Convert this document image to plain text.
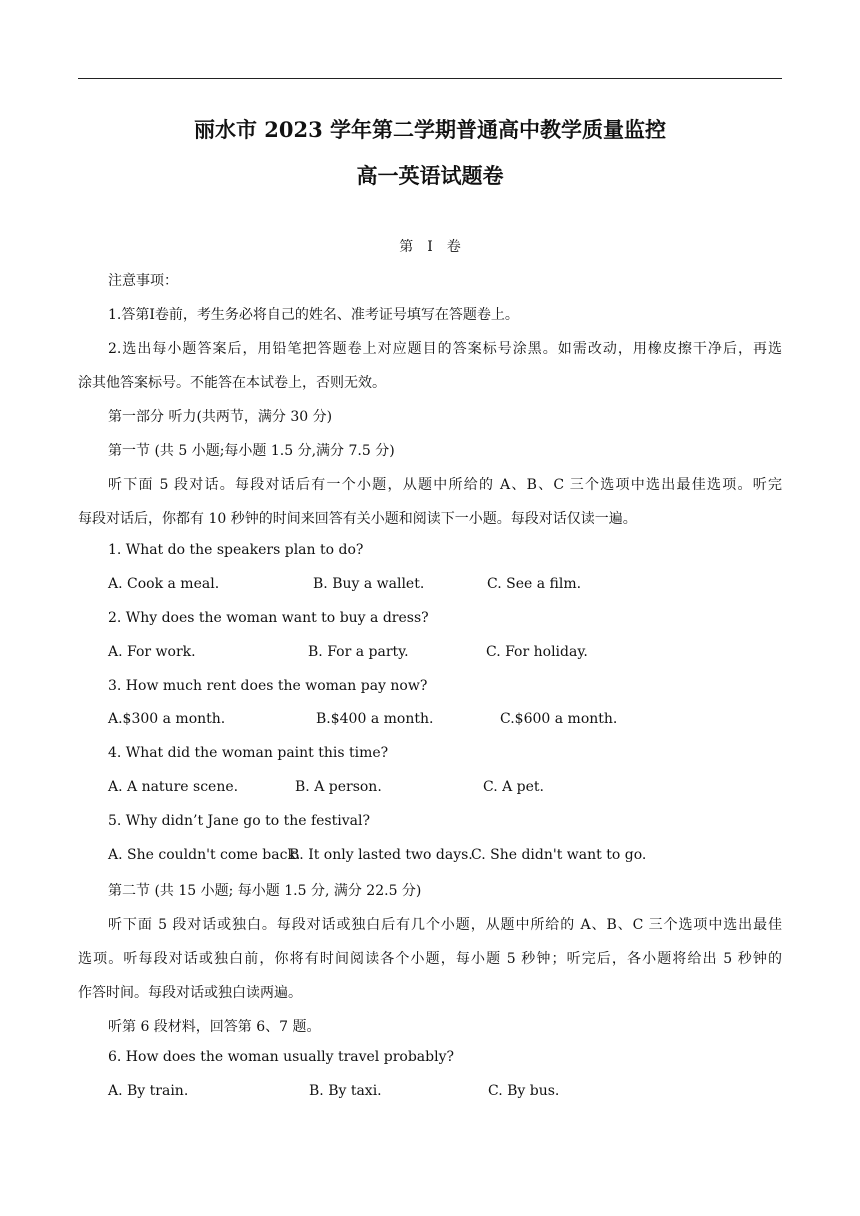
丽水市 2023 学年第二学期普通高中教学质量监控
高一英语试题卷
第　Ⅰ　卷
注意事项：
1.答第Ⅰ卷前，考生务必将自己的姓名、准考证号填写在答题卷上。
2.选出每小题答案后，用铅笔把答题卷上对应题目的答案标号涂黑。如需改动，用橡皮擦干净后，再选
涂其他答案标号。不能答在本试卷上，否则无效。
第一部分 听力(共两节，满分 30 分)
第一节 (共 5 小题;每小题 1.5 分,满分 7.5 分)
听下面 5 段对话。每段对话后有一个小题，从题中所给的 A、B、C 三个选项中选出最佳选项。听完
每段对话后，你都有 10 秒钟的时间来回答有关小题和阅读下一小题。每段对话仅读一遍。
1. What do the speakers plan to do?
A. Cook a meal.	B. Buy a wallet.	C. See a film.
2. Why does the woman want to buy a dress?
A. For work.	B. For a party.	C. For holiday.
3. How much rent does the woman pay now?
A.$300 a month.	B.$400 a month.	C.$600 a month.
4. What did the woman paint this time?
A. A nature scene.	B. A person.	C. A pet.
5. Why didn’t Jane go to the festival?
A. She couldn't come back.
B. It only lasted two days.
C. She didn't want to go.
第二节 (共 15 小题; 每小题 1.5 分, 满分 22.5 分)
听下面 5 段对话或独白。每段对话或独白后有几个小题，从题中所给的 A、B、C 三个选项中选出最佳
选项。听每段对话或独白前，你将有时间阅读各个小题，每小题 5 秒钟；听完后，各小题将给出 5 秒钟的
作答时间。每段对话或独白读两遍。
听第 6 段材料，回答第 6、7 题。
6. How does the woman usually travel probably?
A. By train.	B. By taxi.	C. By bus.
